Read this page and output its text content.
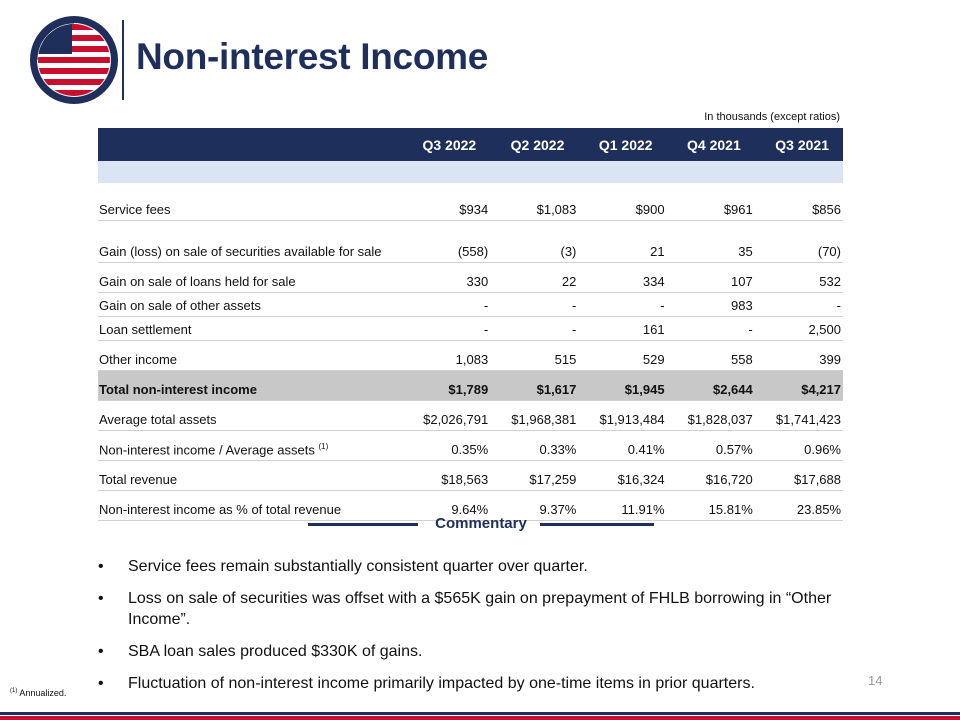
Non-interest Income
In thousands (except ratios)
	Q3 2022	Q2 2022	Q1 2022	Q4 2021	Q3 2021

Service fees	$934	$1,083	$900	$961	$856
Gain (loss) on sale of securities available for sale	(558)	(3)	21	35	(70)
Gain on sale of loans held for sale	330	22	334	107	532
Gain on sale of other assets	-	-	-	983	-
Loan settlement	-	-	161	-	2,500
Other income	1,083	515	529	558	399
Total non-interest income	$1,789	$1,617	$1,945	$2,644	$4,217
Average total assets	$2,026,791	$1,968,381	$1,913,484	$1,828,037	$1,741,423
Non-interest income / Average assets $^{(1)}$	0.35%	0.33%	0.41%	0.57%	0.96%
Total revenue	$18,563	$17,259	$16,324	$16,720	$17,688
Non-interest income as % of total revenue	9.64%	9.37%	11.91%	15.81%	23.85%
Commentary
• Service fees remain substantially consistent quarter over quarter.
• Loss on sale of securities was offset with a $565K gain on prepayment of FHLB borrowing in “Other Income”.
• SBA loan sales produced $330K of gains.
• Fluctuation of non-interest income primarily impacted by one-time items in prior quarters.	14
$^{(1)}$ Annualized.
